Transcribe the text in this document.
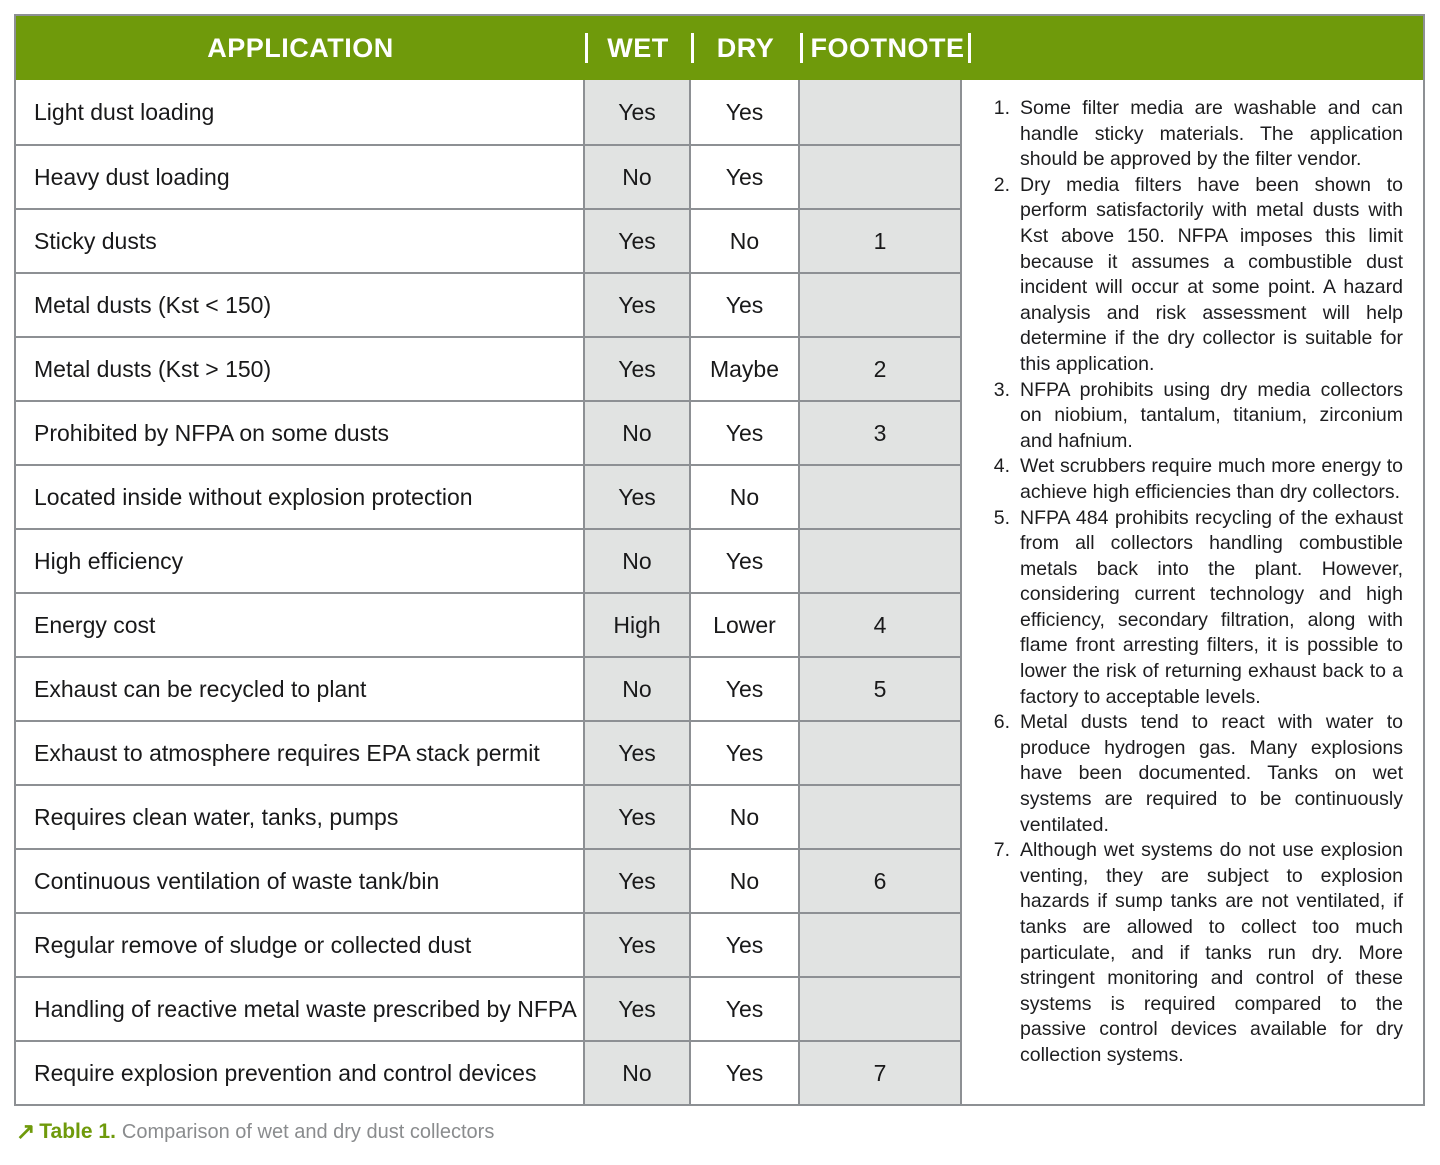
APPLICATION	WET DRY FOOTNOTE
Light dust loading	Yes	Yes
Heavy dust loading	No	Yes
Sticky dusts	Yes	No	1
Metal dusts (Kst < 150)	Yes	Yes
Metal dusts (Kst > 150)	Yes	Maybe	2
Prohibited by NFPA on some dusts	No	Yes	3
Located inside without explosion protection	Yes	No
High efficiency	No	Yes
Energy cost	High	Lower	4
Exhaust can be recycled to plant	No	Yes	5
Exhaust to atmosphere requires EPA stack permit	Yes	Yes
Requires clean water, tanks, pumps	Yes	No
Continuous ventilation of waste tank/bin	Yes	No	6
Regular remove of sludge or collected dust	Yes	Yes
Handling of reactive metal waste prescribed by NFPA	Yes	Yes
Require explosion prevention and control devices	No	Yes	7
Some filter media are washable and can handle sticky materials. The application should be approved by the filter vendor.
Dry media filters have been shown to perform satisfactorily with metal dusts with Kst above 150. NFPA imposes this limit because it assumes a combustible dust incident will occur at some point. A hazard analysis and risk assessment will help determine if the dry collector is suitable for this application.
NFPA prohibits using dry media collectors on niobium, tantalum, titanium, zirconium and hafnium.
Wet scrubbers require much more energy to achieve high efficiencies than dry collectors.
NFPA 484 prohibits recycling of the exhaust from all collectors handling combustible metals back into the plant. However, considering current technology and high efficiency, secondary filtration, along with flame front arresting filters, it is possible to lower the risk of returning exhaust back to a factory to acceptable levels.
Metal dusts tend to react with water to produce hydrogen gas. Many explosions have been documented. Tanks on wet systems are required to be continuously ventilated.
Although wet systems do not use explosion venting, they are subject to explosion hazards if sump tanks are not ventilated, if tanks are allowed to collect too much particulate, and if tanks run dry. More stringent monitoring and control of these systems is required compared to the passive control devices available for dry collection systems.
↗ Table 1. Comparison of wet and dry dust collectors
